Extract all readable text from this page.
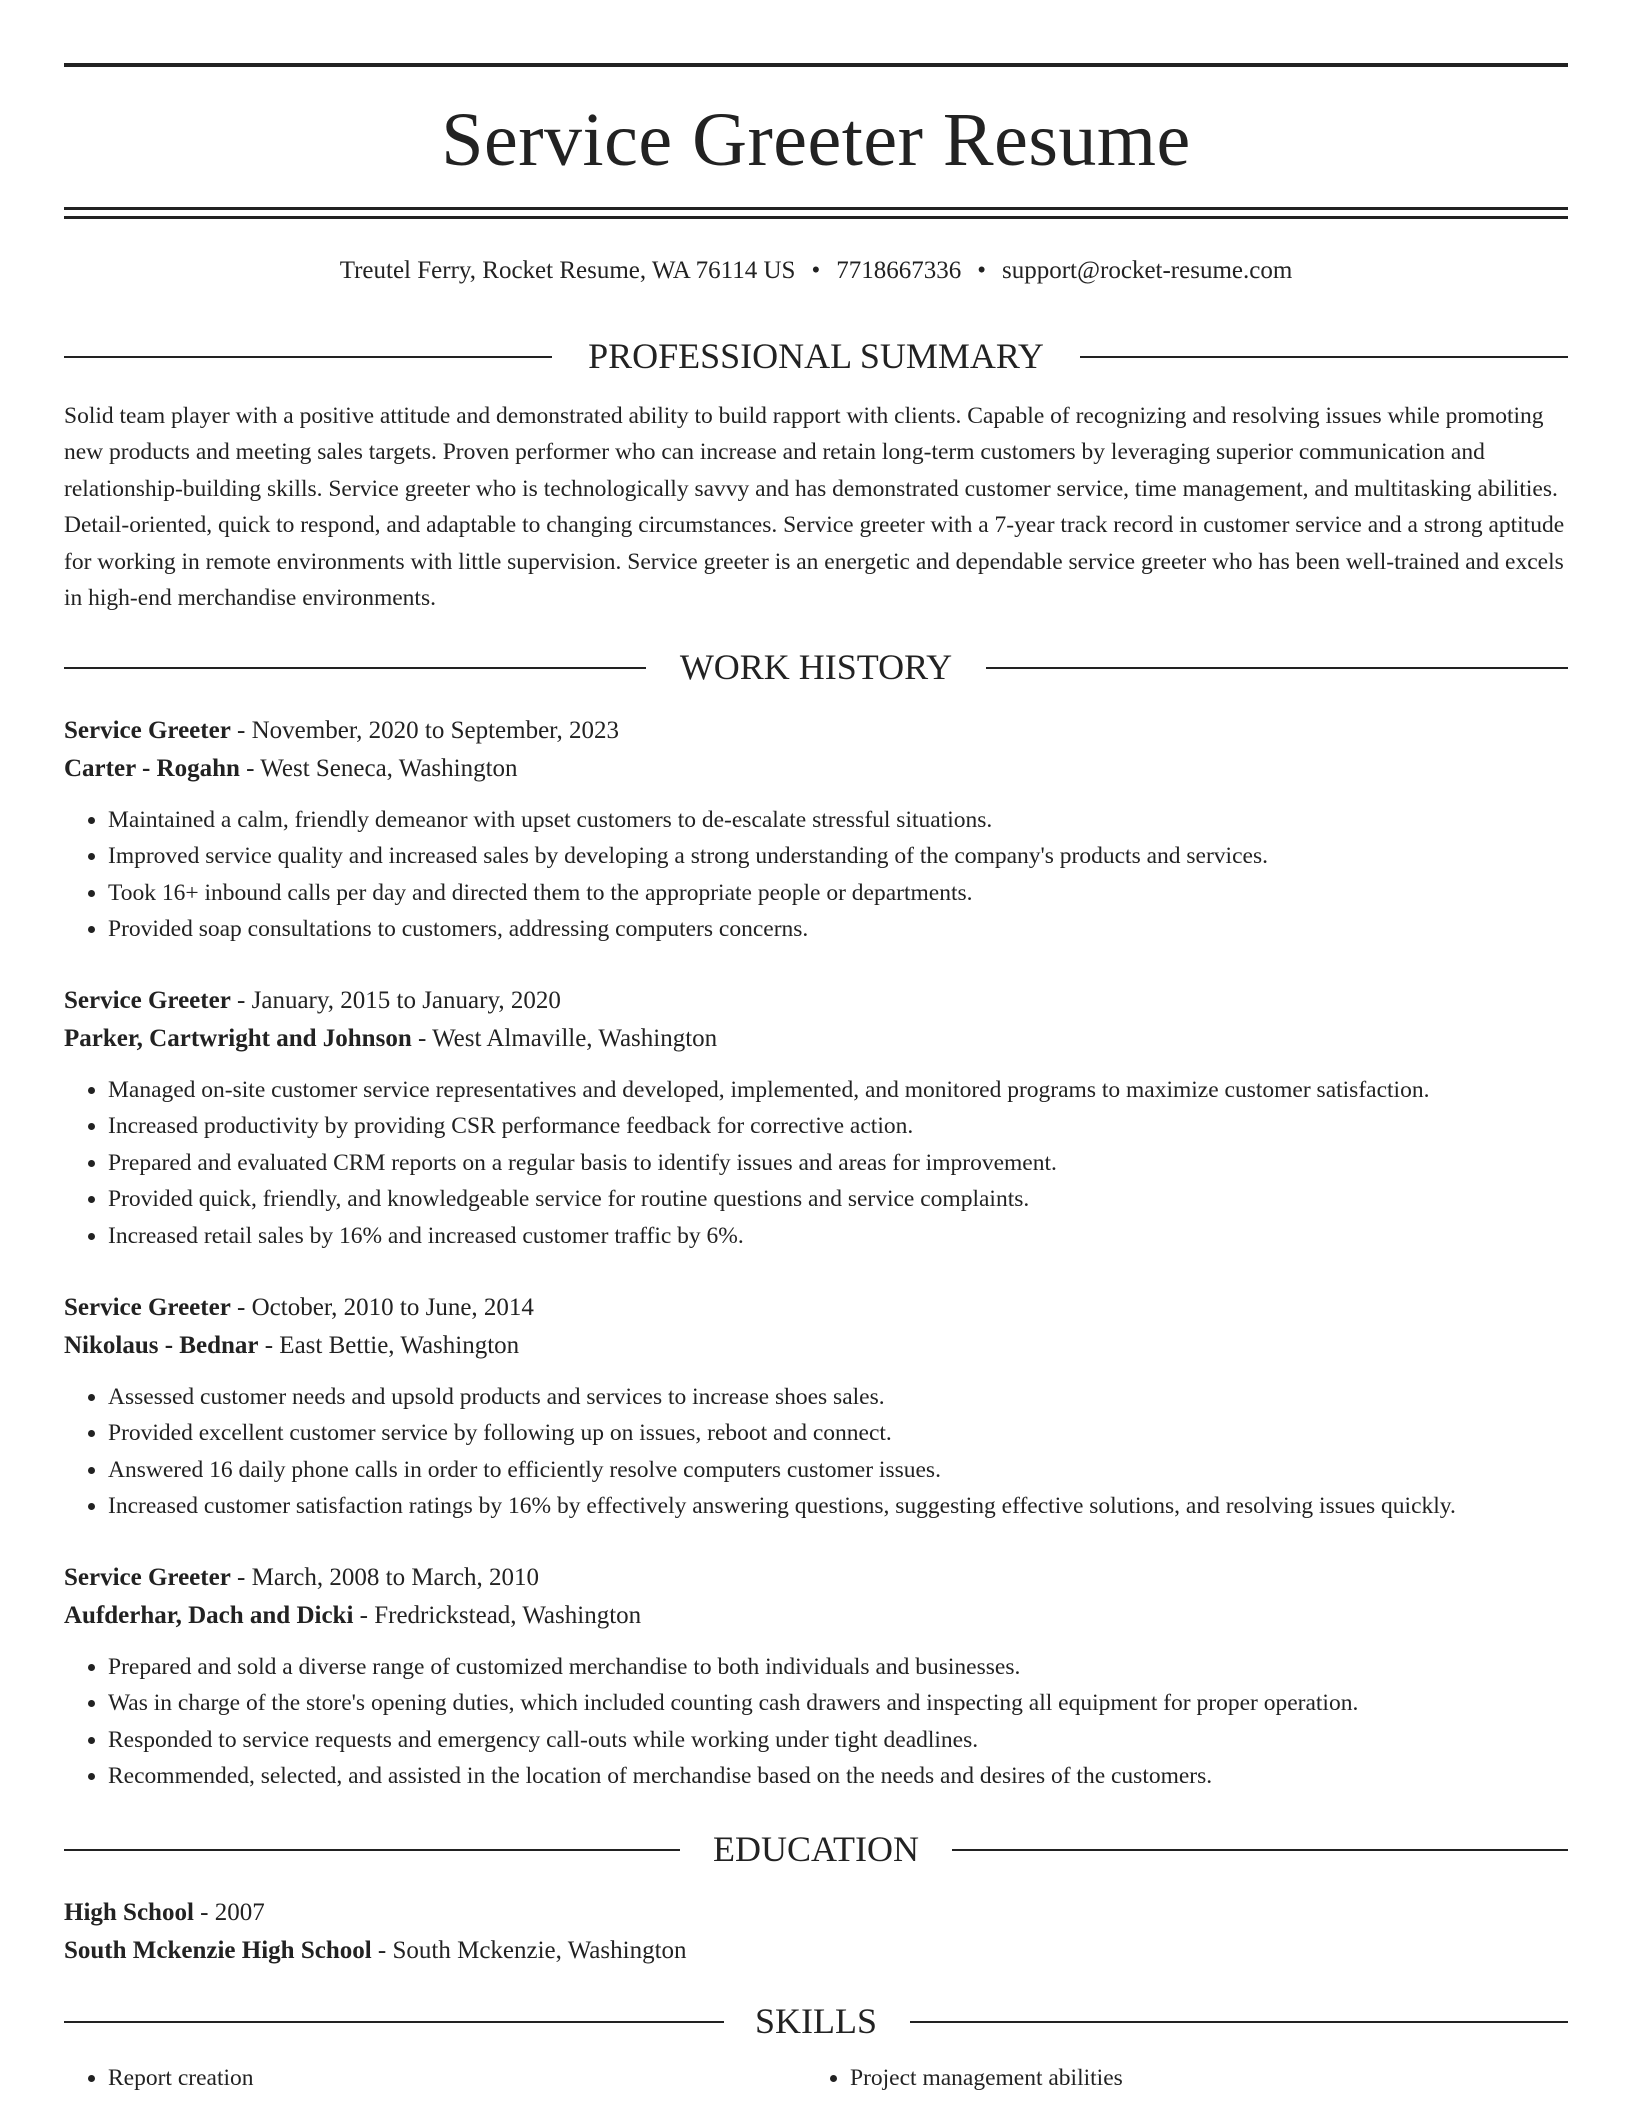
Service Greeter Resume
Treutel Ferry, Rocket Resume, WA 76114 US • 7718667336 • support@rocket-resume.com
PROFESSIONAL SUMMARY
Solid team player with a positive attitude and demonstrated ability to build rapport with clients. Capable of recognizing and resolving issues while promoting new products and meeting sales targets. Proven performer who can increase and retain long-term customers by leveraging superior communication and relationship-building skills. Service greeter who is technologically savvy and has demonstrated customer service, time management, and multitasking abilities. Detail-oriented, quick to respond, and adaptable to changing circumstances. Service greeter with a 7-year track record in customer service and a strong aptitude for working in remote environments with little supervision. Service greeter is an energetic and dependable service greeter who has been well-trained and excels in high-end merchandise environments.
WORK HISTORY
Service Greeter - November, 2020 to September, 2023
Carter - Rogahn - West Seneca, Washington
• Maintained a calm, friendly demeanor with upset customers to de-escalate stressful situations.
• Improved service quality and increased sales by developing a strong understanding of the company's products and services.
• Took 16+ inbound calls per day and directed them to the appropriate people or departments.
• Provided soap consultations to customers, addressing computers concerns.
Service Greeter - January, 2015 to January, 2020
Parker, Cartwright and Johnson - West Almaville, Washington
• Managed on-site customer service representatives and developed, implemented, and monitored programs to maximize customer satisfaction.
• Increased productivity by providing CSR performance feedback for corrective action.
• Prepared and evaluated CRM reports on a regular basis to identify issues and areas for improvement.
• Provided quick, friendly, and knowledgeable service for routine questions and service complaints.
• Increased retail sales by 16% and increased customer traffic by 6%.
Service Greeter - October, 2010 to June, 2014
Nikolaus - Bednar - East Bettie, Washington
• Assessed customer needs and upsold products and services to increase shoes sales.
• Provided excellent customer service by following up on issues, reboot and connect.
• Answered 16 daily phone calls in order to efficiently resolve computers customer issues.
• Increased customer satisfaction ratings by 16% by effectively answering questions, suggesting effective solutions, and resolving issues quickly.
Service Greeter - March, 2008 to March, 2010
Aufderhar, Dach and Dicki - Fredrickstead, Washington
• Prepared and sold a diverse range of customized merchandise to both individuals and businesses.
• Was in charge of the store's opening duties, which included counting cash drawers and inspecting all equipment for proper operation.
• Responded to service requests and emergency call-outs while working under tight deadlines.
• Recommended, selected, and assisted in the location of merchandise based on the needs and desires of the customers.
EDUCATION
High School - 2007
South Mckenzie High School - South Mckenzie, Washington
SKILLS
• Report creation
•	Project management abilities
